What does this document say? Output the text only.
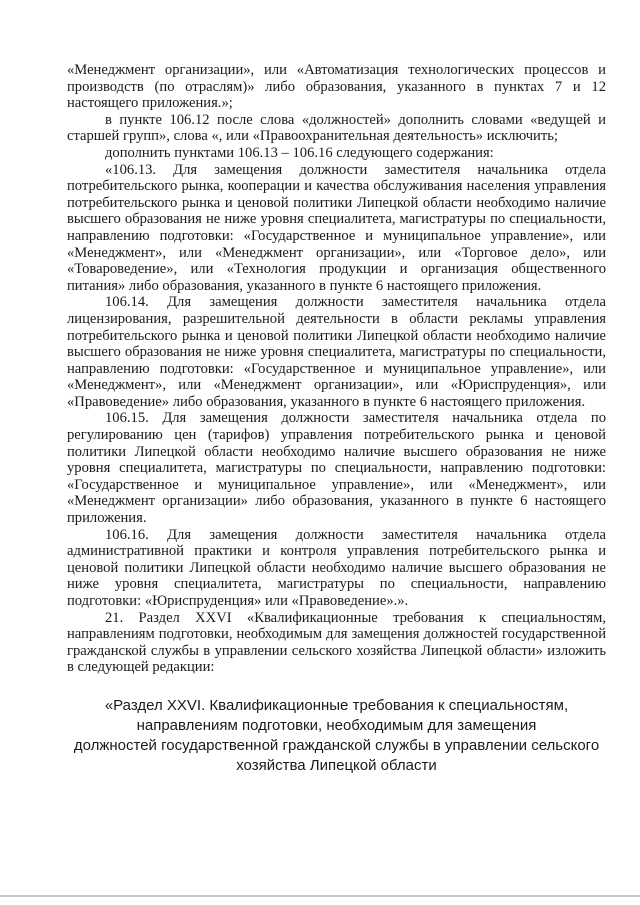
«Менеджмент организации», или «Автоматизация технологических процессов и производств (по отраслям)» либо образования, указанного в пунктах 7 и 12 настоящего приложения.»;

в пункте 106.12 после слова «должностей» дополнить словами «ведущей и старшей групп», слова «, или «Правоохранительная деятельность» исключить;

дополнить пунктами 106.13 – 106.16 следующего содержания:

«106.13. Для замещения должности заместителя начальника отдела потребительского рынка, кооперации и качества обслуживания населения управления потребительского рынка и ценовой политики Липецкой области необходимо наличие высшего образования не ниже уровня специалитета, магистратуры по специальности, направлению подготовки: «Государственное и муниципальное управление», или «Менеджмент», или «Менеджмент организации», или «Торговое дело», или «Товароведение», или «Технология продукции и организация общественного питания» либо образования, указанного в пункте 6 настоящего приложения.

106.14. Для замещения должности заместителя начальника отдела лицензирования, разрешительной деятельности в области рекламы управления потребительского рынка и ценовой политики Липецкой области необходимо наличие высшего образования не ниже уровня специалитета, магистратуры по специальности, направлению подготовки: «Государственное и муниципальное управление», или «Менеджмент», или «Менеджмент организации», или «Юриспруденция», или «Правоведение» либо образования, указанного в пункте 6 настоящего приложения.

106.15. Для замещения должности заместителя начальника отдела по регулированию цен (тарифов) управления потребительского рынка и ценовой политики Липецкой области необходимо наличие высшего образования не ниже уровня специалитета, магистратуры по специальности, направлению подготовки: «Государственное и муниципальное управление», или «Менеджмент», или «Менеджмент организации» либо образования, указанного в пункте 6 настоящего приложения.

106.16. Для замещения должности заместителя начальника отдела административной практики и контроля управления потребительского рынка и ценовой политики Липецкой области необходимо наличие высшего образования не ниже уровня специалитета, магистратуры по специальности, направлению подготовки: «Юриспруденция» или «Правоведение».».

21. Раздел XXVI «Квалификационные требования к специальностям, направлениям подготовки, необходимым для замещения должностей государственной гражданской службы в управлении сельского хозяйства Липецкой области» изложить в следующей редакции:

«Раздел XXVI. Квалификационные требования к специальностям,
направлениям подготовки, необходимым для замещения
должностей государственной гражданской службы в управлении сельского
хозяйства Липецкой области
